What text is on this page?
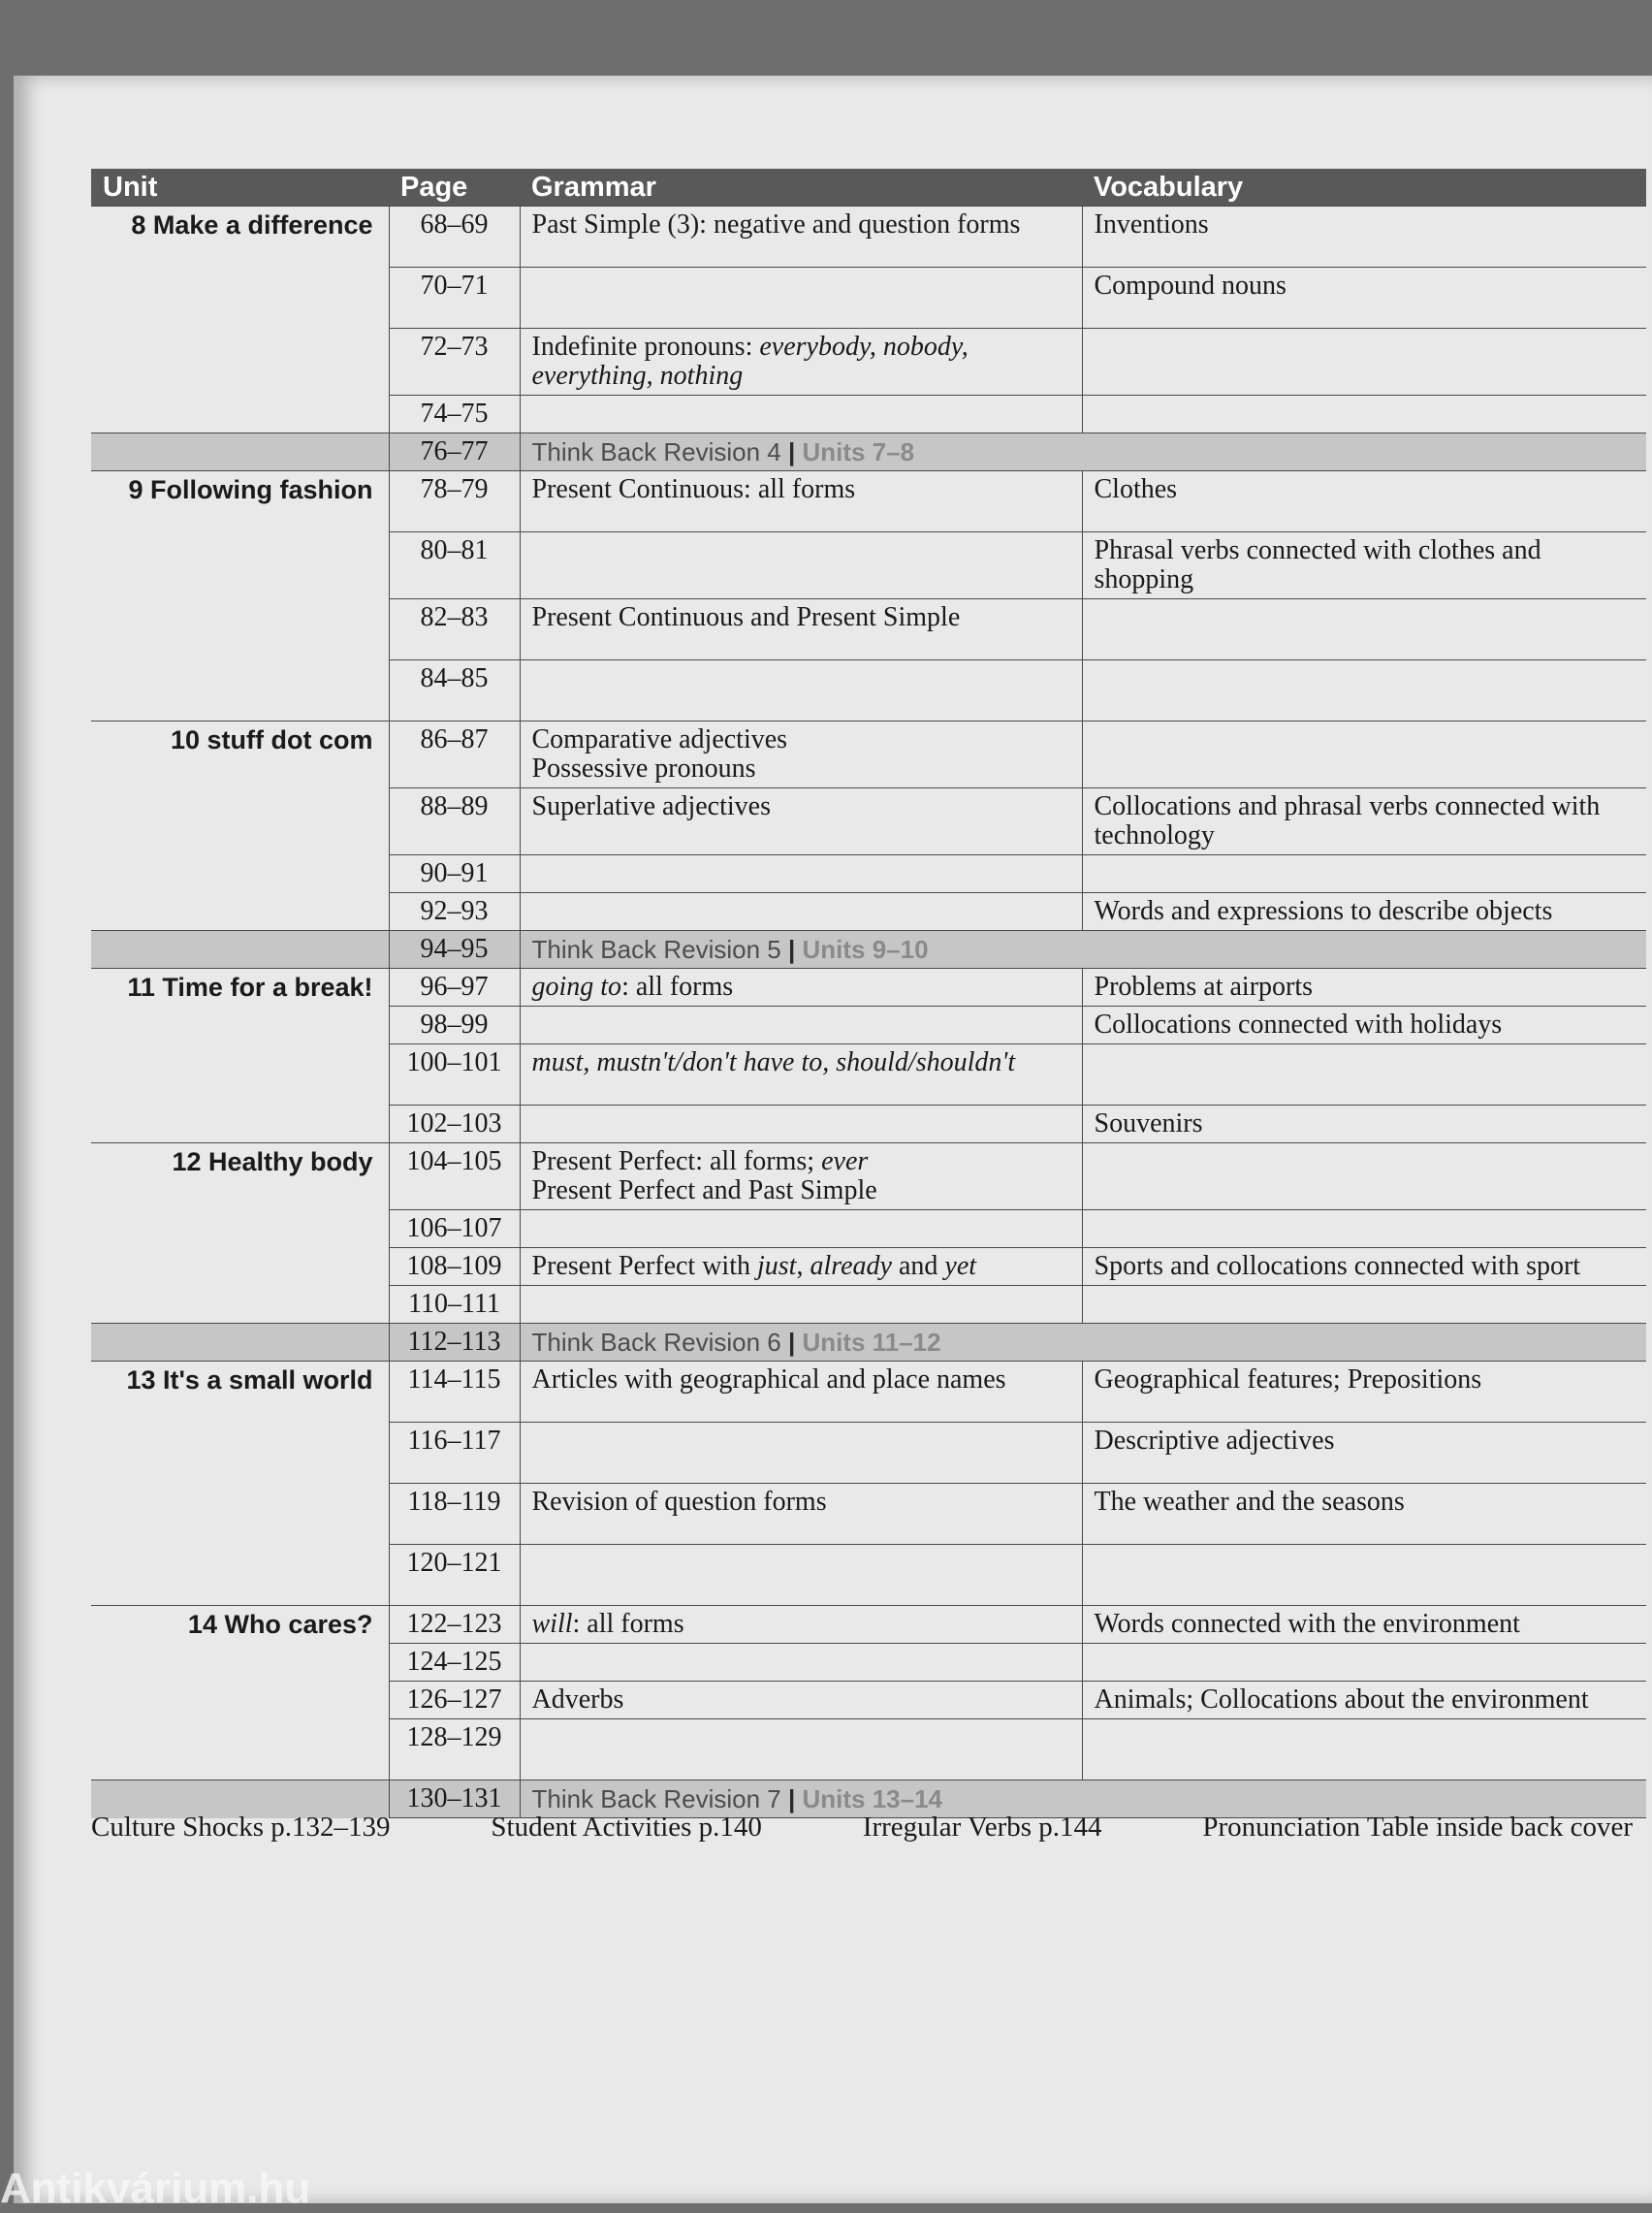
Unit	Page	Grammar	Vocabulary
8 Make a difference	68–69	Past Simple (3): negative and question forms	Inventions
	70–71		Compound nouns
	72–73	Indefinite pronouns: everybody, nobody, everything, nothing	
	74–75		
	76–77	Think Back Revision 4 | Units 7–8	
9 Following fashion	78–79	Present Continuous: all forms	Clothes
	80–81		Phrasal verbs connected with clothes and shopping
	82–83	Present Continuous and Present Simple	
	84–85		
10 stuff dot com	86–87	Comparative adjectives
Possessive pronouns	

	88–89	Superlative adjectives	Collocations and phrasal verbs connected with technology
	90–91		
	92–93		Words and expressions to describe objects
	94–95	Think Back Revision 5 | Units 9–10	
11 Time for a break!	96–97	going to: all forms	Problems at airports
	98–99		Collocations connected with holidays
	100–101	must, mustn't/don't have to, should/shouldn't	
	102–103		Souvenirs
12 Healthy body	104–105	Present Perfect: all forms; ever
Present Perfect and Past Simple	

	106–107		
	108–109	Present Perfect with just, already and yet	Sports and collocations connected with sport
	110–111		
	112–113	Think Back Revision 6 | Units 11–12	
13 It's a small world	114–115	Articles with geographical and place names	Geographical features; Prepositions
	116–117		Descriptive adjectives
	118–119	Revision of question forms	The weather and the seasons
	120–121		
14 Who cares?	122–123	will: all forms	Words connected with the environment
	124–125		
	126–127	Adverbs	Animals; Collocations about the environment
	128–129		
	130–131	Think Back Revision 7 | Units 13–14	
Culture Shocks p.132–139	Student Activities p.140	Irregular Verbs p.144	Pronunciation Table inside back cover
Antikvárium.hu
